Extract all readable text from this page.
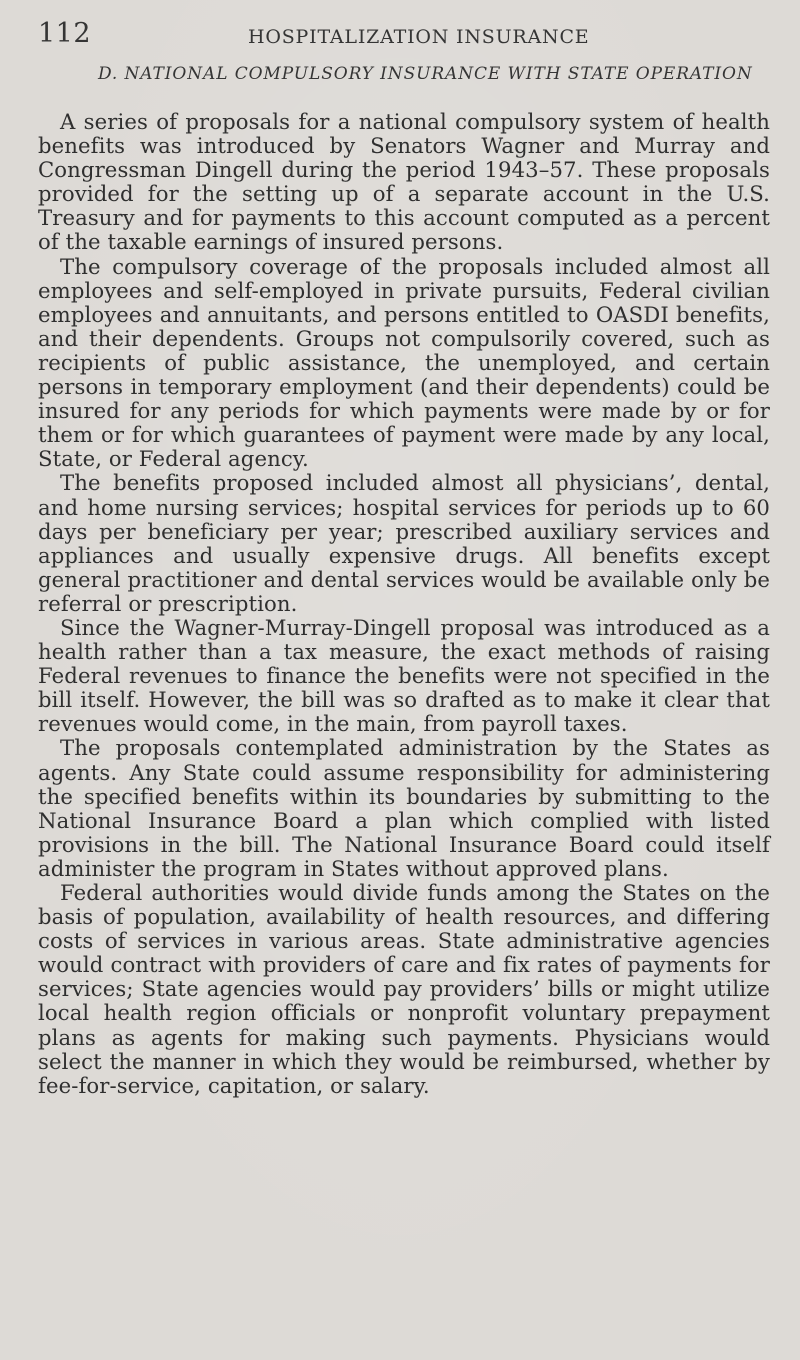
112	HOSPITALIZATION INSURANCE
D. NATIONAL COMPULSORY INSURANCE WITH STATE OPERATION

A series of proposals for a national compulsory system of health benefits was introduced by Senators Wagner and Murray and Congressman Dingell during the period 1943–57. These proposals provided for the setting up of a separate account in the U.S. Treasury and for payments to this account computed as a percent of the taxable earnings of insured persons.

The compulsory coverage of the proposals included almost all employees and self-employed in private pursuits, Federal civilian employees and annuitants, and persons entitled to OASDI benefits, and their dependents. Groups not compulsorily covered, such as recipients of public assistance, the unemployed, and certain persons in temporary employment (and their dependents) could be insured for any periods for which payments were made by or for them or for which guarantees of payment were made by any local, State, or Federal agency.

The benefits proposed included almost all physicians’, dental, and home nursing services; hospital services for periods up to 60 days per beneficiary per year; prescribed auxiliary services and appliances and usually expensive drugs. All benefits except general practitioner and dental services would be available only be referral or prescription.

Since the Wagner-Murray-Dingell proposal was introduced as a health rather than a tax measure, the exact methods of raising Federal revenues to finance the benefits were not specified in the bill itself. However, the bill was so drafted as to make it clear that revenues would come, in the main, from payroll taxes.

The proposals contemplated administration by the States as agents. Any State could assume responsibility for administering the specified benefits within its boundaries by submitting to the National Insurance Board a plan which complied with listed provisions in the bill. The National Insurance Board could itself administer the program in States without approved plans.

Federal authorities would divide funds among the States on the basis of population, availability of health resources, and differing costs of services in various areas. State administrative agencies would contract with providers of care and fix rates of payments for services; State agencies would pay providers’ bills or might utilize local health region officials or nonprofit voluntary prepayment plans as agents for making such payments. Physicians would select the manner in which they would be reimbursed, whether by fee-for-service, capitation, or salary.
